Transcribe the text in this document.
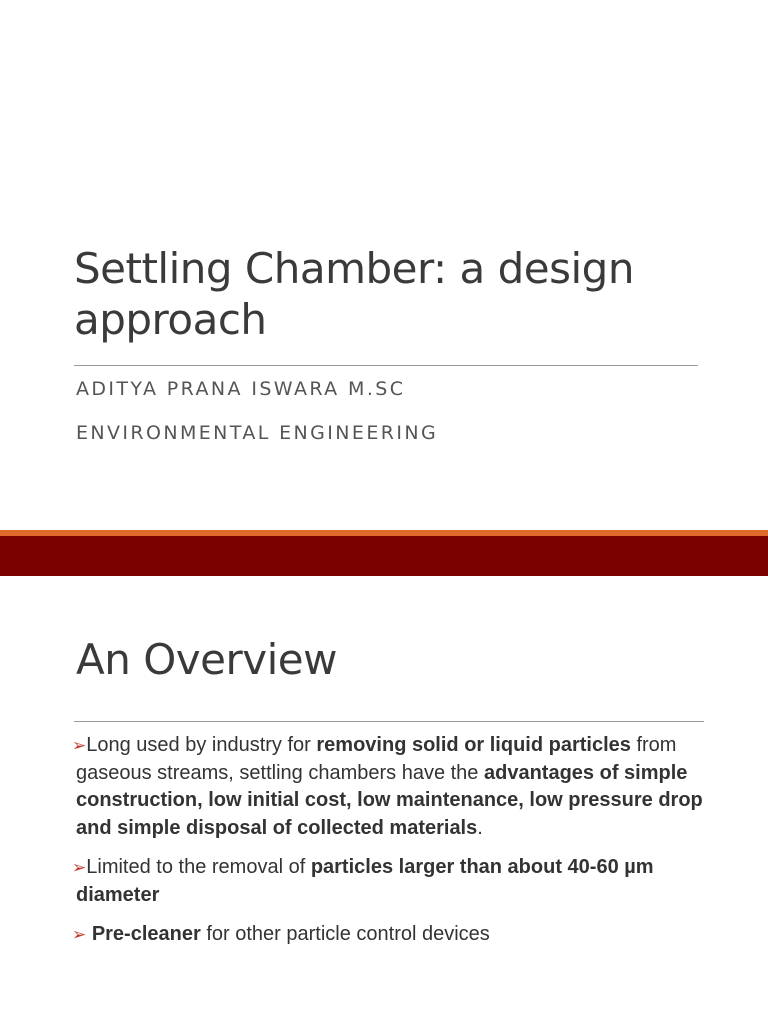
Settling Chamber: a design
approach
ADITYA PRANA ISWARA M.SC
ENVIRONMENTAL ENGINEERING
An Overview
➢Long used by industry for removing solid or liquid particles from gaseous streams, settling chambers have the advantages of simple construction, low initial cost, low maintenance, low pressure drop and simple disposal of collected materials.
➢Limited to the removal of particles larger than about 40-60 µm diameter
➢ Pre-cleaner for other particle control devices
